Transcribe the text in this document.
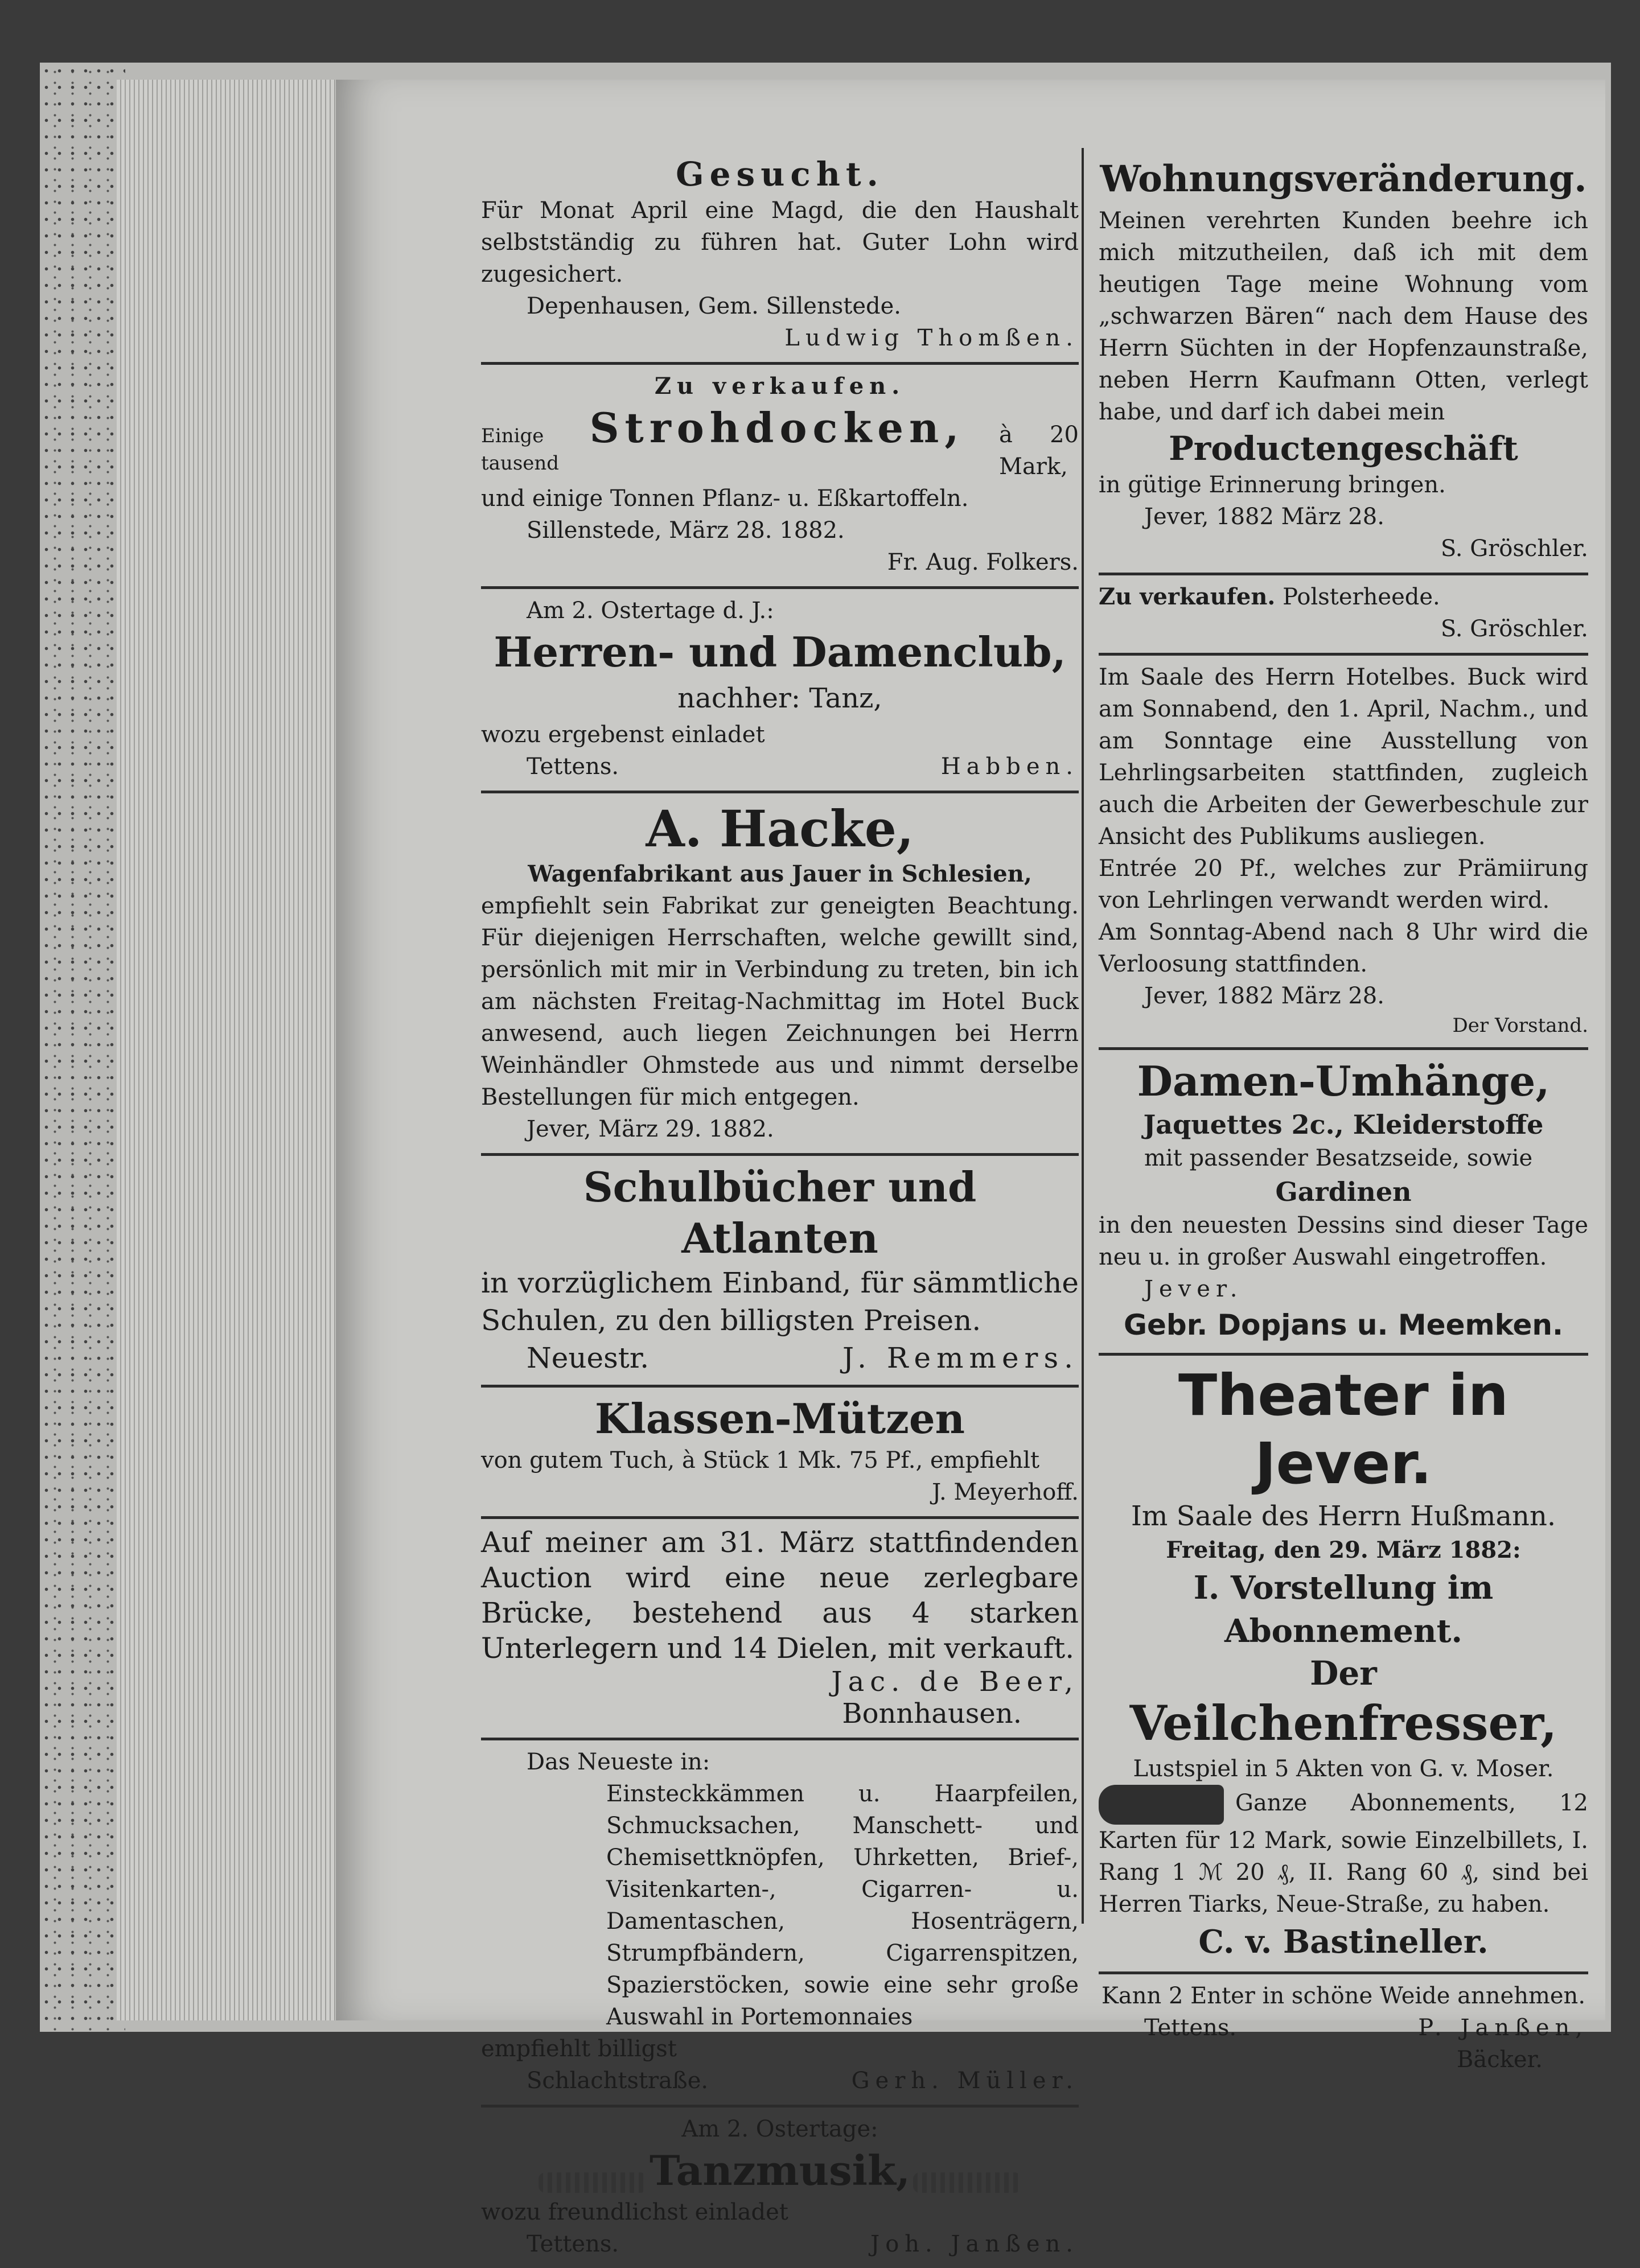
Gesucht.
Für Monat April eine Magd, die den Haushalt selbstständig zu führen hat. Guter Lohn wird zugesichert.
Depenhausen, Gem. Sillenstede.
Ludwig Thomßen.
Zu verkaufen.
Einige tausend
Strohdocken, à 20 Mark,
und einige Tonnen Pflanz- u. Eßkartoffeln.
Sillenstede, März 28. 1882.
Fr. Aug. Folkers.
Am 2. Ostertage d. J.:
Herren- und Damenclub,
nachher: Tanz,
wozu ergebenst einladet
Tettens.	Habben.
A. Hacke,
Wagenfabrikant aus Jauer in Schlesien,
empfiehlt sein Fabrikat zur geneigten Beachtung. Für diejenigen Herrschaften, welche gewillt sind, persönlich mit mir in Verbindung zu treten, bin ich am nächsten Freitag-Nachmittag im Hotel Buck anwesend, auch liegen Zeichnungen bei Herrn Weinhändler Ohmstede aus und nimmt derselbe Bestellungen für mich entgegen.
Jever, März 29. 1882.
Schulbücher und Atlanten
in vorzüglichem Einband, für sämmtliche Schulen, zu den billigsten Preisen.
Neuestr.	J. Remmers.
Klassen-Mützen
von gutem Tuch, à Stück 1 Mk. 75 Pf., empfiehlt
J. Meyerhoff.
Auf meiner am 31. März stattfindenden Auction wird eine neue zerlegbare Brücke, bestehend aus 4 starken Unterlegern und 14 Dielen, mit verkauft.
Jac. de Beer,
Bonnhausen.
Das Neueste in:
Einsteckkämmen u. Haarpfeilen, Schmucksachen, Manschett- und Chemisettknöpfen, Uhrketten, Brief-, Visitenkarten-, Cigarren- u. Damentaschen, Hosenträgern, Strumpfbändern, Cigarrenspitzen, Spazierstöcken, sowie eine sehr große Auswahl in Portemonnaies
empfiehlt billigst
Schlachtstraße.	Gerh. Müller.
Am 2. Ostertage:
Tanzmusik,
wozu freundlichst einladet
Tettens.	Joh. Janßen.
Wohnungsveränderung.
Meinen verehrten Kunden beehre ich mich mitzutheilen, daß ich mit dem heutigen Tage meine Wohnung vom „schwarzen Bären“ nach dem Hause des Herrn Süchten in der Hopfenzaunstraße, neben Herrn Kaufmann Otten, verlegt habe, und darf ich dabei mein
Productengeschäft
in gütige Erinnerung bringen.
Jever, 1882 März 28.
S. Gröschler.
Zu verkaufen. Polsterheede.
S. Gröschler.
Im Saale des Herrn Hotelbes. Buck wird am Sonnabend, den 1. April, Nachm., und am Sonntage eine Ausstellung von Lehrlingsarbeiten stattfinden, zugleich auch die Arbeiten der Gewerbeschule zur Ansicht des Publikums ausliegen.
Entrée 20 Pf., welches zur Prämiirung von Lehrlingen verwandt werden wird.
Am Sonntag-Abend nach 8 Uhr wird die Verloosung stattfinden.
Jever, 1882 März 28.
Der Vorstand.
Damen-Umhänge,
Jaquettes 2c., Kleiderstoffe
mit passender Besatzseide, sowie
Gardinen
in den neuesten Dessins sind dieser Tage neu u. in großer Auswahl eingetroffen.
Jever.
Gebr. Dopjans u. Meemken.
Theater in Jever.
Im Saale des Herrn Hußmann.
Freitag, den 29. März 1882:
I. Vorstellung im Abonnement.
Der
Veilchenfresser,
Lustspiel in 5 Akten von G. v. Moser.
Ganze Abonnements, 12 Karten für 12 Mark, sowie Einzelbillets, I. Rang 1 ℳ 20 ₰, II. Rang 60 ₰, sind bei Herren Tiarks, Neue-Straße, zu haben.
C. v. Bastineller.
Kann 2 Enter in schöne Weide annehmen.
Tettens.	P. Janßen,
Bäcker.
